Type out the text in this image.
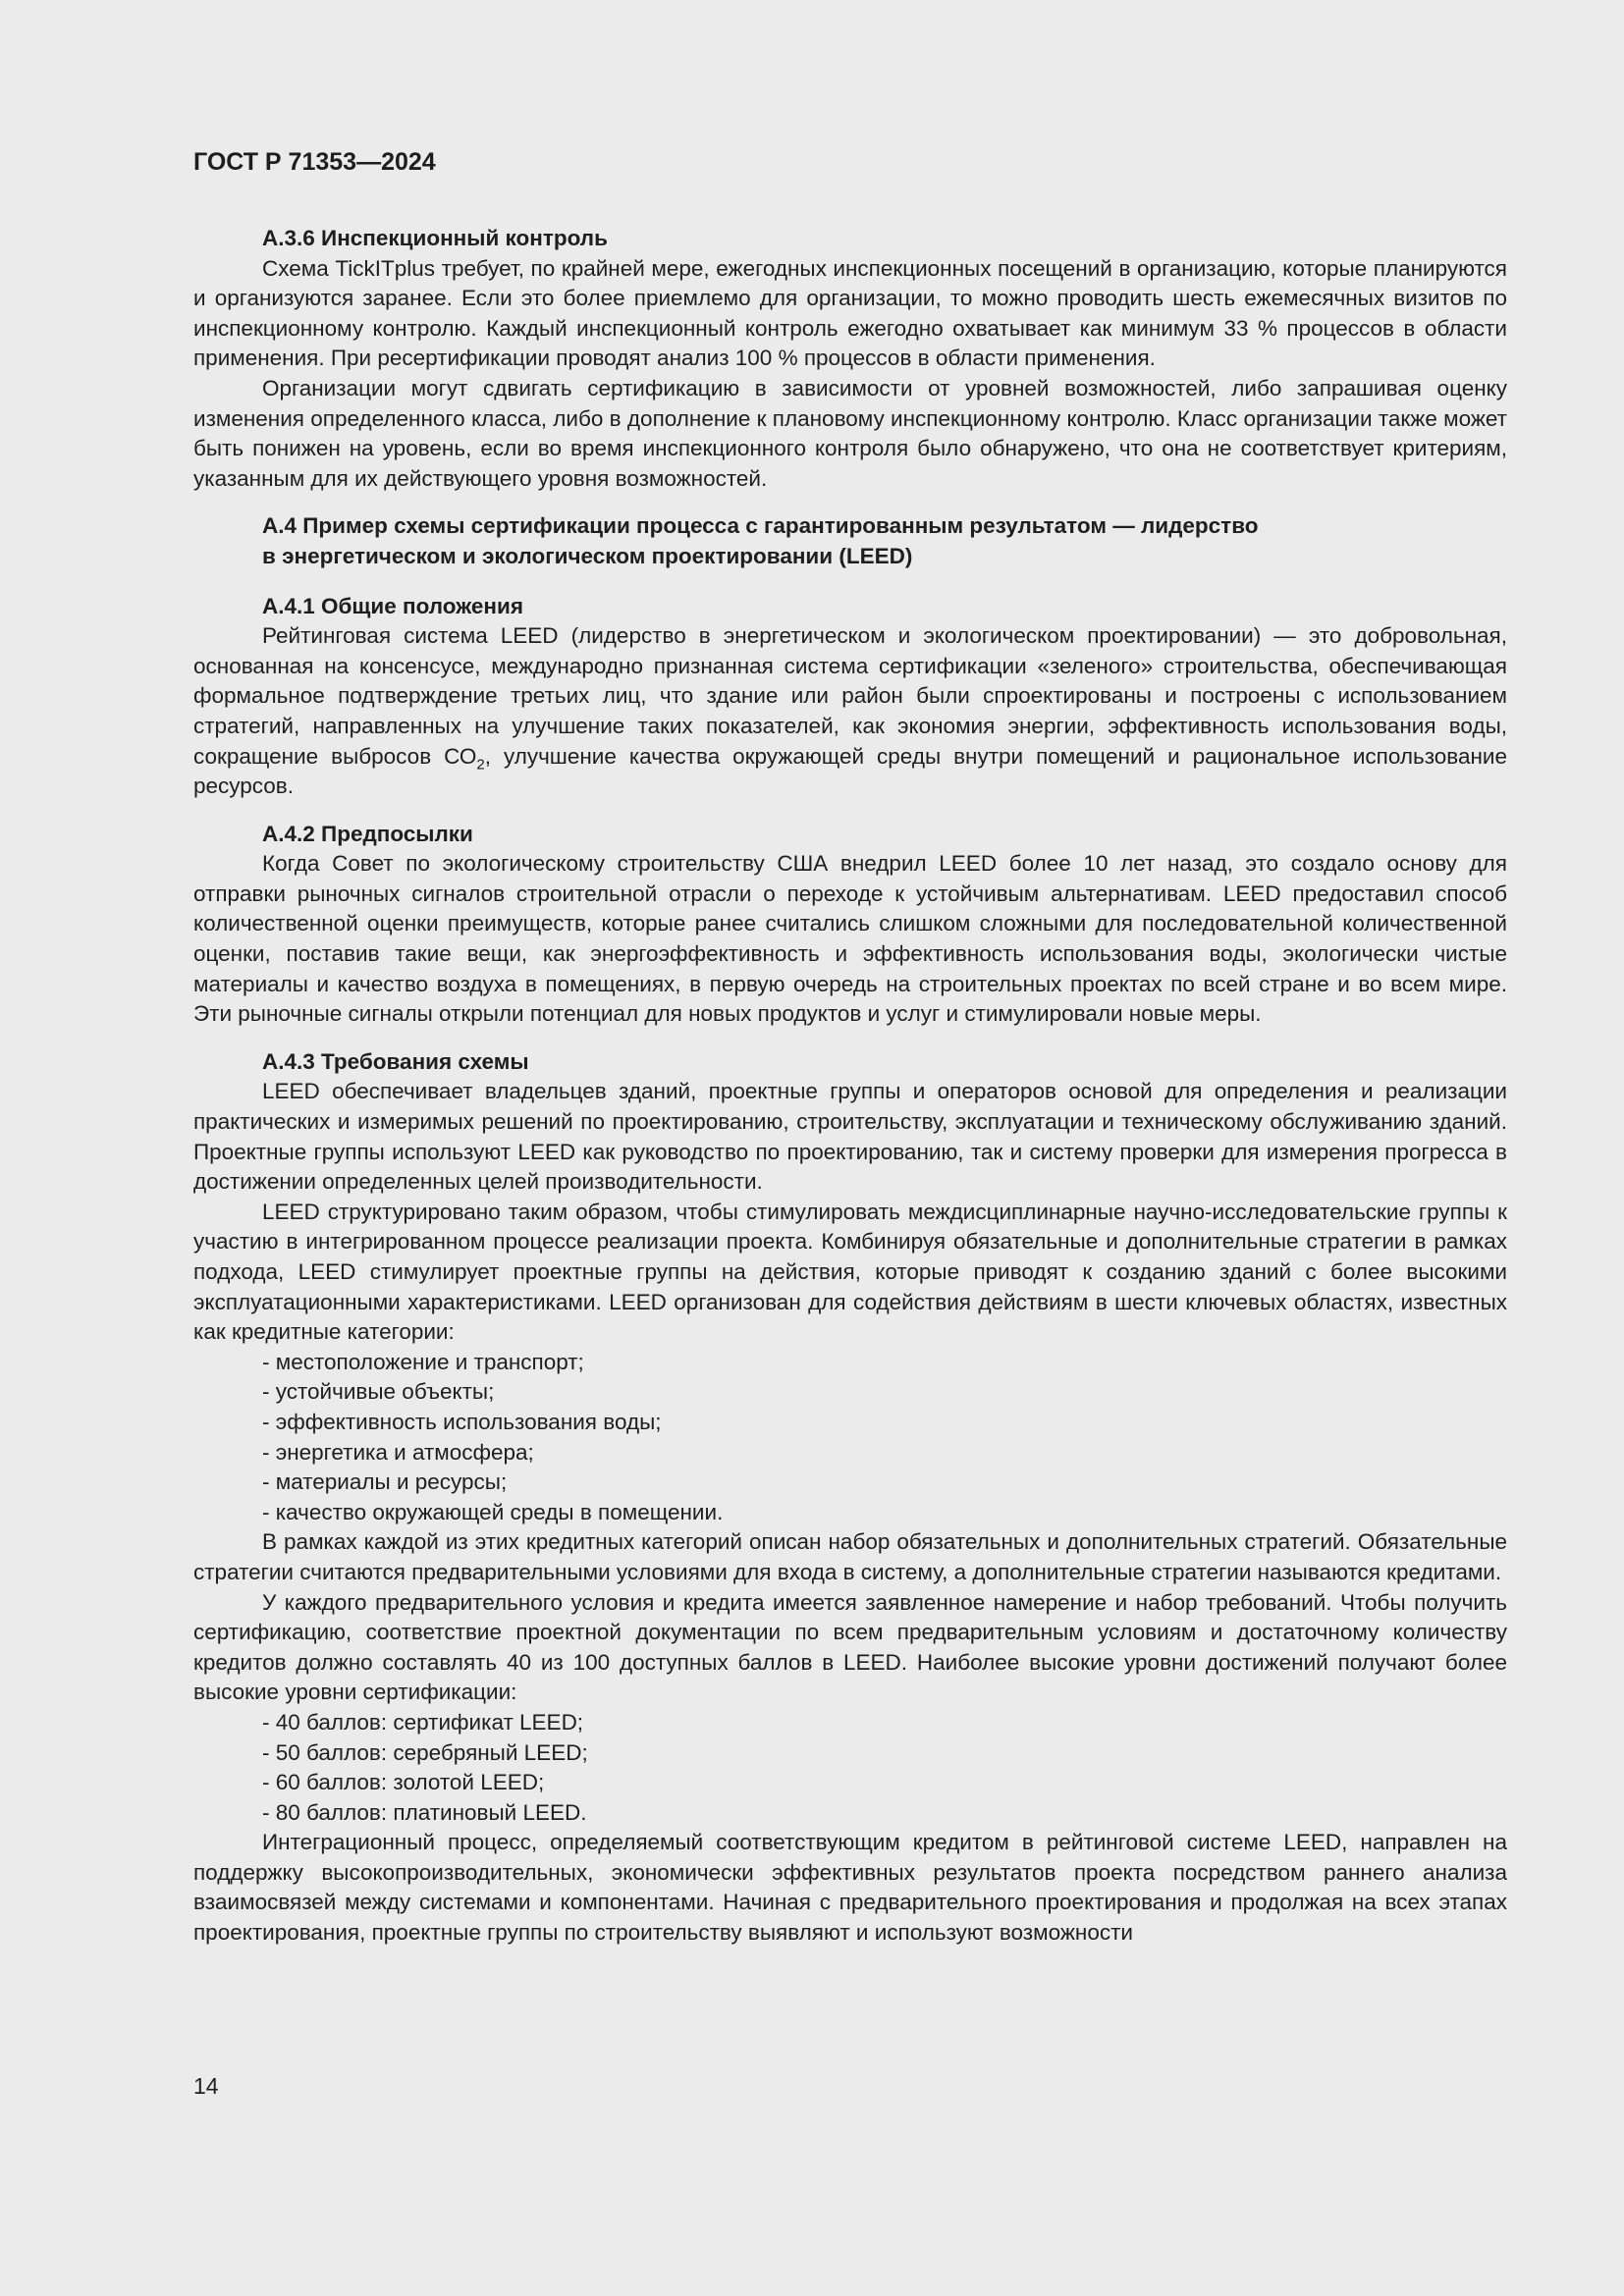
ГОСТ Р 71353—2024
А.3.6 Инспекционный контроль
Схема TickITplus требует, по крайней мере, ежегодных инспекционных посещений в организацию, которые планируются и организуются заранее. Если это более приемлемо для организации, то можно проводить шесть ежемесячных визитов по инспекционному контролю. Каждый инспекционный контроль ежегодно охватывает как минимум 33 % процессов в области применения. При ресертификации проводят анализ 100 % процессов в области применения.
Организации могут сдвигать сертификацию в зависимости от уровней возможностей, либо запрашивая оценку изменения определенного класса, либо в дополнение к плановому инспекционному контролю. Класс организации также может быть понижен на уровень, если во время инспекционного контроля было обнаружено, что она не соответствует критериям, указанным для их действующего уровня возможностей.
А.4 Пример схемы сертификации процесса с гарантированным результатом — лидерство
в энергетическом и экологическом проектировании (LEED)
А.4.1 Общие положения
Рейтинговая система LEED (лидерство в энергетическом и экологическом проектировании) — это добровольная, основанная на консенсусе, международно признанная система сертификации «зеленого» строительства, обеспечивающая формальное подтверждение третьих лиц, что здание или район были спроектированы и построены с использованием стратегий, направленных на улучшение таких показателей, как экономия энергии, эффективность использования воды, сокращение выбросов $СО_2$, улучшение качества окружающей среды внутри помещений и рациональное использование ресурсов.
А.4.2 Предпосылки
Когда Совет по экологическому строительству США внедрил LEED более 10 лет назад, это создало основу для отправки рыночных сигналов строительной отрасли о переходе к устойчивым альтернативам. LEED предоставил способ количественной оценки преимуществ, которые ранее считались слишком сложными для последовательной количественной оценки, поставив такие вещи, как энергоэффективность и эффективность использования воды, экологически чистые материалы и качество воздуха в помещениях, в первую очередь на строительных проектах по всей стране и во всем мире. Эти рыночные сигналы открыли потенциал для новых продуктов и услуг и стимулировали новые меры.
А.4.3 Требования схемы
LEED обеспечивает владельцев зданий, проектные группы и операторов основой для определения и реализации практических и измеримых решений по проектированию, строительству, эксплуатации и техническому обслуживанию зданий. Проектные группы используют LEED как руководство по проектированию, так и систему проверки для измерения прогресса в достижении определенных целей производительности.
LEED структурировано таким образом, чтобы стимулировать междисциплинарные научно-исследовательские группы к участию в интегрированном процессе реализации проекта. Комбинируя обязательные и дополнительные стратегии в рамках подхода, LEED стимулирует проектные группы на действия, которые приводят к созданию зданий с более высокими эксплуатационными характеристиками. LEED организован для содействия действиям в шести ключевых областях, известных как кредитные категории:
- местоположение и транспорт;
- устойчивые объекты;
- эффективность использования воды;
- энергетика и атмосфера;
- материалы и ресурсы;
- качество окружающей среды в помещении.
В рамках каждой из этих кредитных категорий описан набор обязательных и дополнительных стратегий. Обязательные стратегии считаются предварительными условиями для входа в систему, а дополнительные стратегии называются кредитами.
У каждого предварительного условия и кредита имеется заявленное намерение и набор требований. Чтобы получить сертификацию, соответствие проектной документации по всем предварительным условиям и достаточному количеству кредитов должно составлять 40 из 100 доступных баллов в LEED. Наиболее высокие уровни достижений получают более высокие уровни сертификации:
- 40 баллов: сертификат LEED;
- 50 баллов: серебряный LEED;
- 60 баллов: золотой LEED;
- 80 баллов: платиновый LEED.
Интеграционный процесс, определяемый соответствующим кредитом в рейтинговой системе LEED, направлен на поддержку высокопроизводительных, экономически эффективных результатов проекта посредством раннего анализа взаимосвязей между системами и компонентами. Начиная с предварительного проектирования и продолжая на всех этапах проектирования, проектные группы по строительству выявляют и используют возможности
14
